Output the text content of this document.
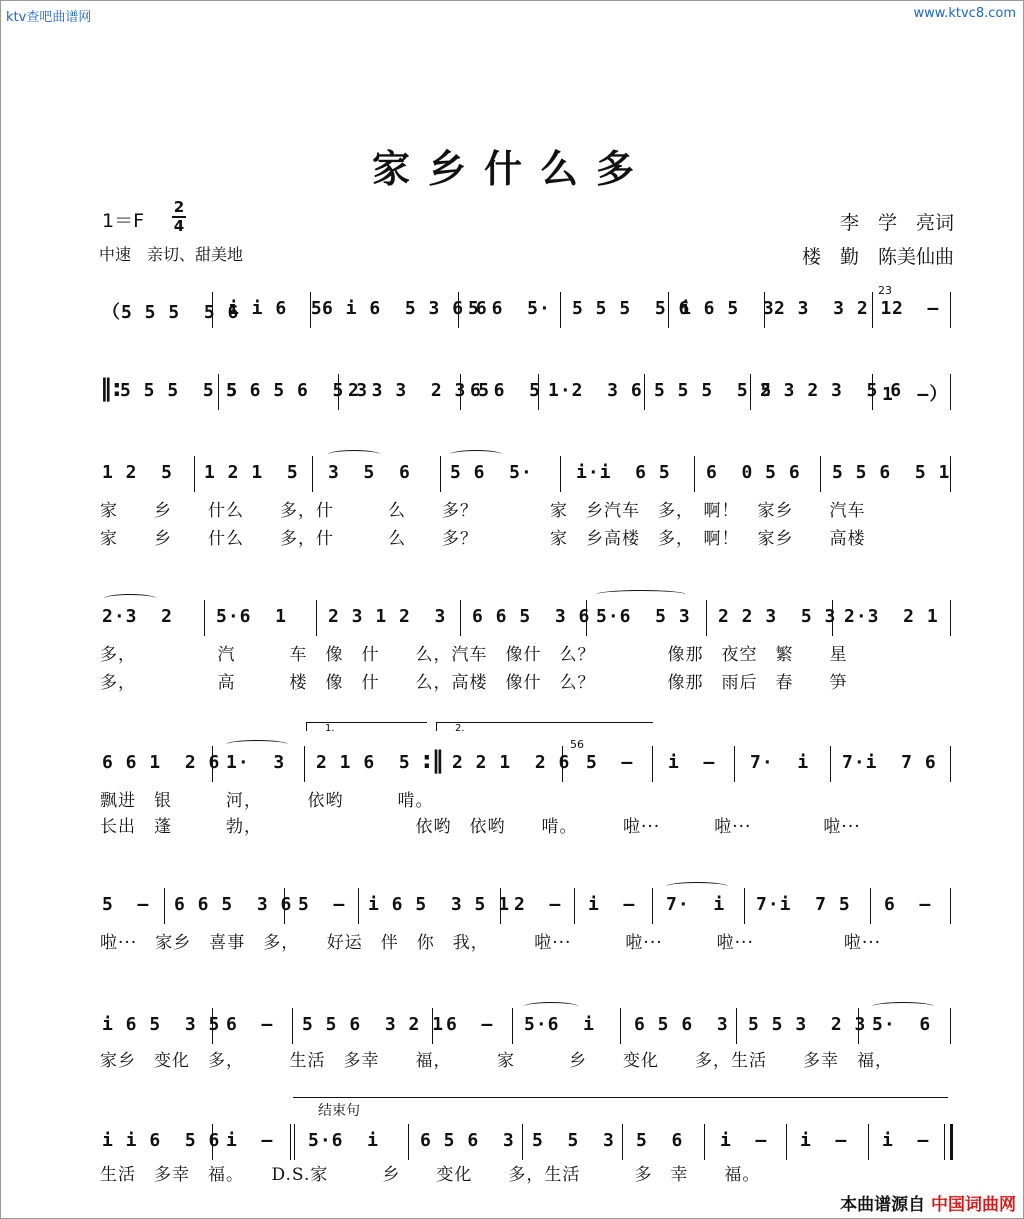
ktv查吧曲谱网	www.ktvc8.com
家乡什么多
1＝F
2
4
中速　亲切、甜美地
李　学　亮词
楼　勤　陈美仙曲
（5 5 5  5 6
i i 6  5 6 i 6  5 3 6 6
5 6  5· 5 5 5  5 6
i 6 5  3 2 3  3 2 1
23
2  —
‖:
5 5 5  5 5
5 6 5 6  5 3
2 3 3  2 3 5
6 6  5 1·2  3 6 5 5 5  5 5
2 3 2 3  5 6
1  —）
1 2  5 1 2 1  5 3  5  6 5 6  5· i·i  6 5 6  0 5 6 5 5 6  5 1
家　　乡　　什么　　多，什　　　么　　多？　　　　家　乡汽车　多，　啊！　家乡　　汽车
家　　乡　　什么　　多，什　　　么　　多？　　　　家　乡高楼　多，　啊！　家乡　　高楼
2·3  2 5·6  1 2 3 1 2  3 6 6 5  3 6 5·6  5 3 2 2 3  5 3 2·3  2 1
多，　　　　　汽　　　车　像　什　　么，汽车　像什　么？　　　　像那　夜空　繁　　星
多，　　　　　高　　　楼　像　什　　么，高楼　像什　么？　　　　像那　雨后　春　　笋
1.	2.
6 6 1  2 6 1·  3 2 1 6  5 :‖ 2 2 1  2 6
56
5  — i  — 7·  i 7·i  7 6
飘进　银　　　河，　　　依哟　　　啃。
长出　蓬　　　勃，　　　　　　　　　依哟　依哟　　啃。　　　啦···　　　啦···　　　　啦···
5  — 6 6 5  3 6 5  — i 6 5  3 5 1 2  — i  — 7·  i 7·i  7 5 6  —
啦···　家乡　喜事　多，　　好运　伴　你　我，　　　啦···　　　啦···　　　啦···　　　　　啦···
i 6 5  3 5 6  — 5 5 6  3 2 1 6  — 5·6  i 6 5 6  3 5 5 3  2 3 5·  6
家乡　变化　多，　　　生活　多幸　　福，　　　家　　　乡　　变化　　多，生活　　多幸　福，
结束句
i i 6  5 6 i  — 5·6  i 6 5 6  3 5  5  3 5  6 i  — i  — i  —
生活　多幸　福。　　D.S.家　　　乡　　变化　　多，生活　　　多　幸　　福。
本曲谱源自 中国词曲网
